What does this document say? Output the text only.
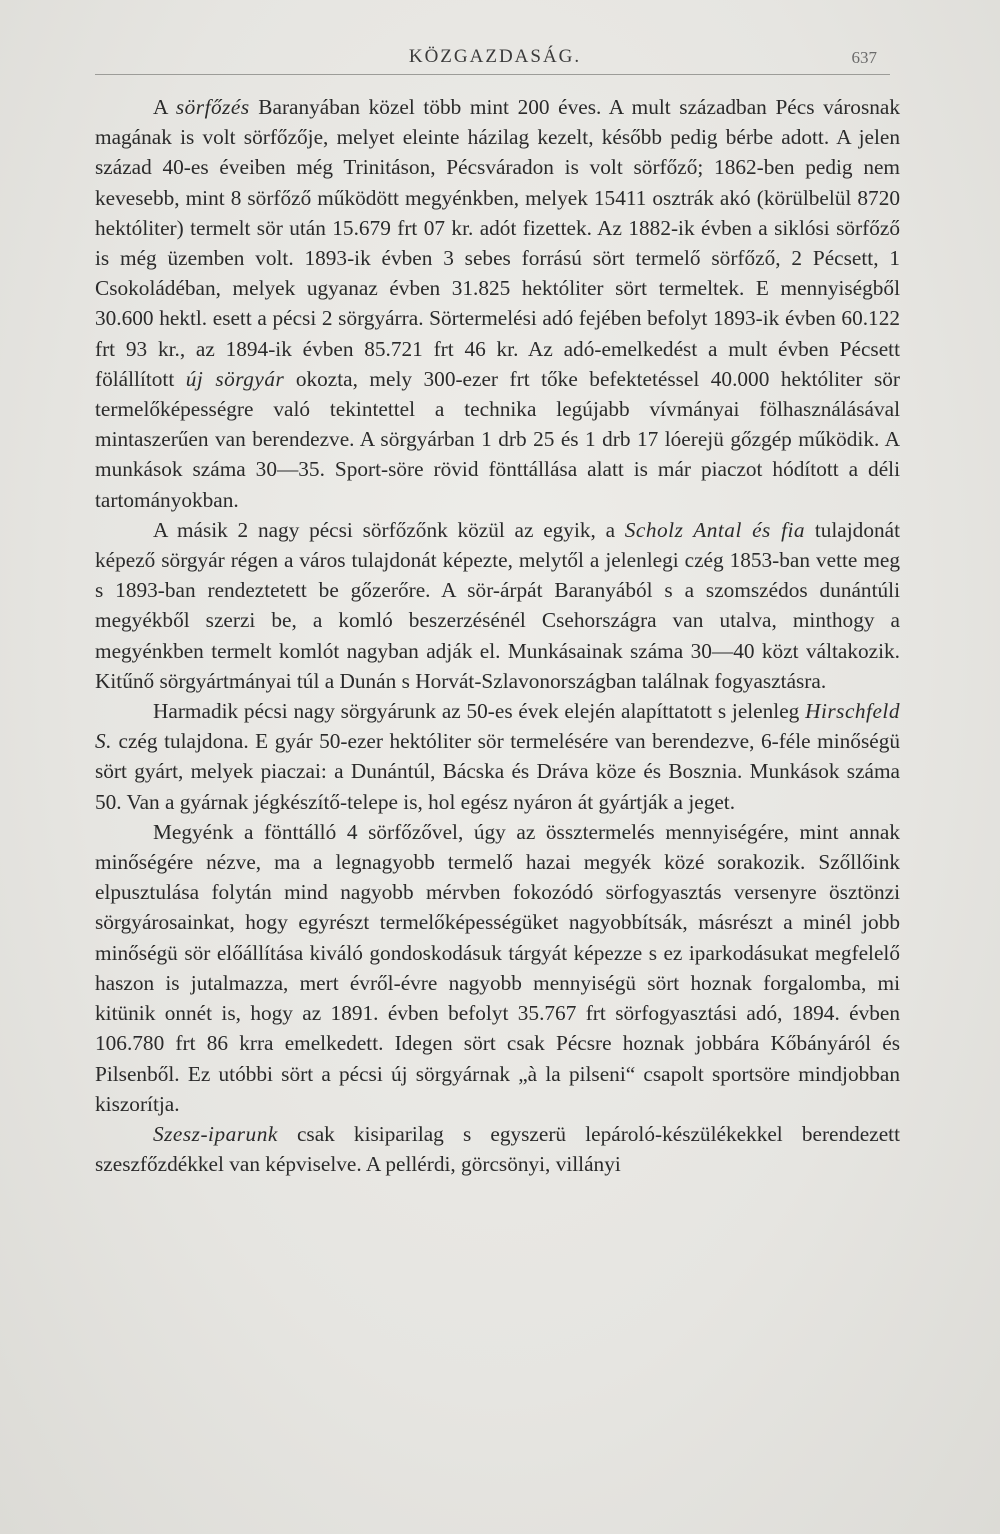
KÖZGAZDASÁG.	637

A sörfőzés Baranyában közel több mint 200 éves. A mult században Pécs városnak magának is volt sörfőzője, melyet eleinte házilag kezelt, később pedig bérbe adott. A jelen század 40-es éveiben még Trinitáson, Pécsváradon is volt sörfőző; 1862-ben pedig nem kevesebb, mint 8 sörfőző működött megyénkben, melyek 15411 osztrák akó (körülbelül 8720 hektóliter) termelt sör után 15.679 frt 07 kr. adót fizettek. Az 1882-ik évben a siklósi sörfőző is még üzemben volt. 1893-ik évben 3 sebes forrású sört termelő sörfőző, 2 Pécsett, 1 Csokoládéban, melyek ugyanaz évben 31.825 hektóliter sört termeltek. E mennyiségből 30.600 hektl. esett a pécsi 2 sörgyárra. Sörtermelési adó fejében befolyt 1893-ik évben 60.122 frt 93 kr., az 1894-ik évben 85.721 frt 46 kr. Az adó-emelkedést a mult évben Pécsett fölállított új sörgyár okozta, mely 300-ezer frt tőke befektetéssel 40.000 hektóliter sör termelőképességre való tekintettel a technika legújabb vívmányai fölhasználásával mintaszerűen van berendezve. A sörgyárban 1 drb 25 és 1 drb 17 lóerejü gőzgép működik. A munkások száma 30—35. Sport-söre rövid fönttállása alatt is már piaczot hódított a déli tartományokban.

A másik 2 nagy pécsi sörfőzőnk közül az egyik, a Scholz Antal és fia tulajdonát képező sörgyár régen a város tulajdonát képezte, melytől a jelenlegi czég 1853-ban vette meg s 1893-ban rendeztetett be gőzerőre. A sör-árpát Baranyából s a szomszédos dunántúli megyékből szerzi be, a komló beszerzésénél Csehországra van utalva, minthogy a megyénkben termelt komlót nagyban adják el. Munkásainak száma 30—40 közt váltakozik. Kitűnő sörgyártmányai túl a Dunán s Horvát-Szlavonországban találnak fogyasztásra.

Harmadik pécsi nagy sörgyárunk az 50-es évek elején alapíttatott s jelenleg Hirschfeld S. czég tulajdona. E gyár 50-ezer hektóliter sör termelésére van berendezve, 6-féle minőségü sört gyárt, melyek piaczai: a Dunántúl, Bácska és Dráva köze és Bosznia. Munkások száma 50. Van a gyárnak jégkészítő-telepe is, hol egész nyáron át gyártják a jeget.

Megyénk a fönttálló 4 sörfőzővel, úgy az össztermelés mennyiségére, mint annak minőségére nézve, ma a legnagyobb termelő hazai megyék közé sorakozik. Szőllőink elpusztulása folytán mind nagyobb mérvben fokozódó sörfogyasztás versenyre ösztönzi sörgyárosainkat, hogy egyrészt termelőképességüket nagyobbítsák, másrészt a minél jobb minőségü sör előállítása kiváló gondoskodásuk tárgyát képezze s ez iparkodásukat megfelelő haszon is jutalmazza, mert évről-évre nagyobb mennyiségü sört hoznak forgalomba, mi kitünik onnét is, hogy az 1891. évben befolyt 35.767 frt sörfogyasztási adó, 1894. évben 106.780 frt 86 krra emelkedett. Idegen sört csak Pécsre hoznak jobbára Kőbányáról és Pilsenből. Ez utóbbi sört a pécsi új sörgyárnak „à la pilseni“ csapolt sportsöre mindjobban kiszorítja.

Szesz-iparunk csak kisiparilag s egyszerü lepároló-készülékekkel berendezett szeszfőzdékkel van képviselve. A pellérdi, görcsönyi, villányi
